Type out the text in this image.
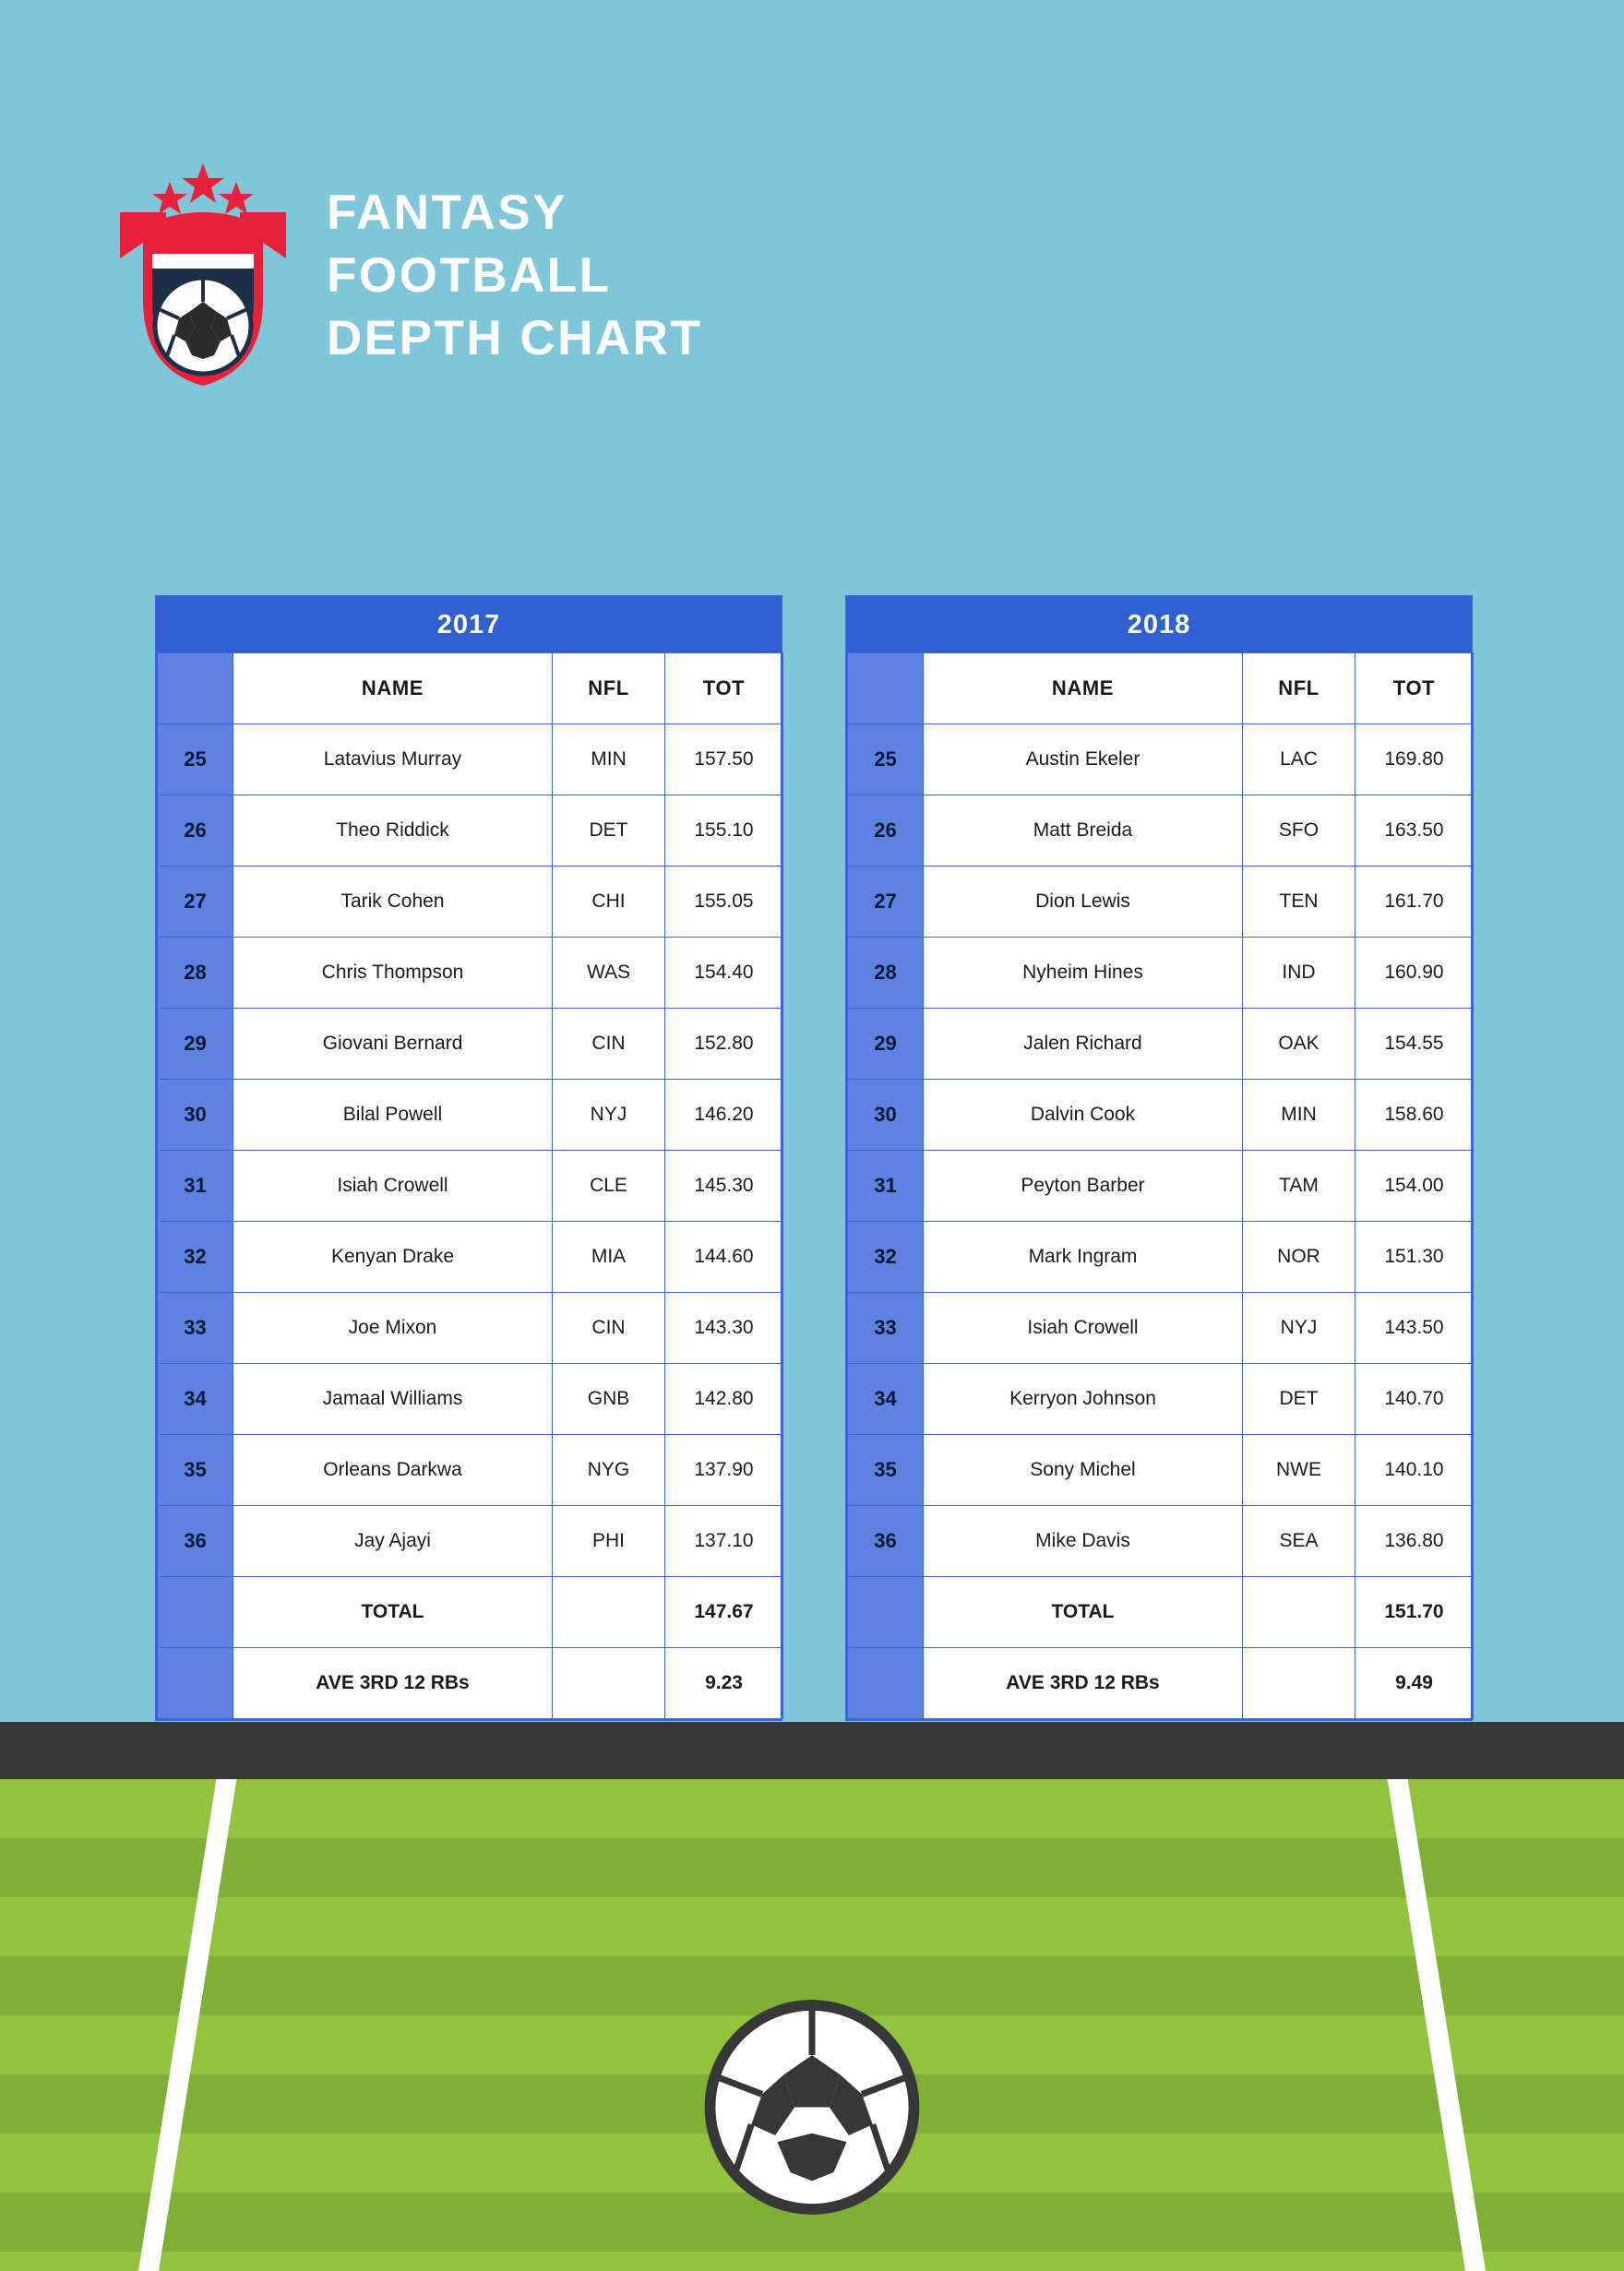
FANTASY
FOOTBALL
DEPTH CHART
2017
	NAME	NFL	TOT
25	Latavius Murray	MIN	157.50
26	Theo Riddick	DET	155.10
27	Tarik Cohen	CHI	155.05
28	Chris Thompson	WAS	154.40
29	Giovani Bernard	CIN	152.80
30	Bilal Powell	NYJ	146.20
31	Isiah Crowell	CLE	145.30
32	Kenyan Drake	MIA	144.60
33	Joe Mixon	CIN	143.30
34	Jamaal Williams	GNB	142.80
35	Orleans Darkwa	NYG	137.90
36	Jay Ajayi	PHI	137.10
	TOTAL		147.67
	AVE 3RD 12 RBs		9.23
2018
	NAME	NFL	TOT
25	Austin Ekeler	LAC	169.80
26	Matt Breida	SFO	163.50
27	Dion Lewis	TEN	161.70
28	Nyheim Hines	IND	160.90
29	Jalen Richard	OAK	154.55
30	Dalvin Cook	MIN	158.60
31	Peyton Barber	TAM	154.00
32	Mark Ingram	NOR	151.30
33	Isiah Crowell	NYJ	143.50
34	Kerryon Johnson	DET	140.70
35	Sony Michel	NWE	140.10
36	Mike Davis	SEA	136.80
	TOTAL		151.70
	AVE 3RD 12 RBs		9.49
